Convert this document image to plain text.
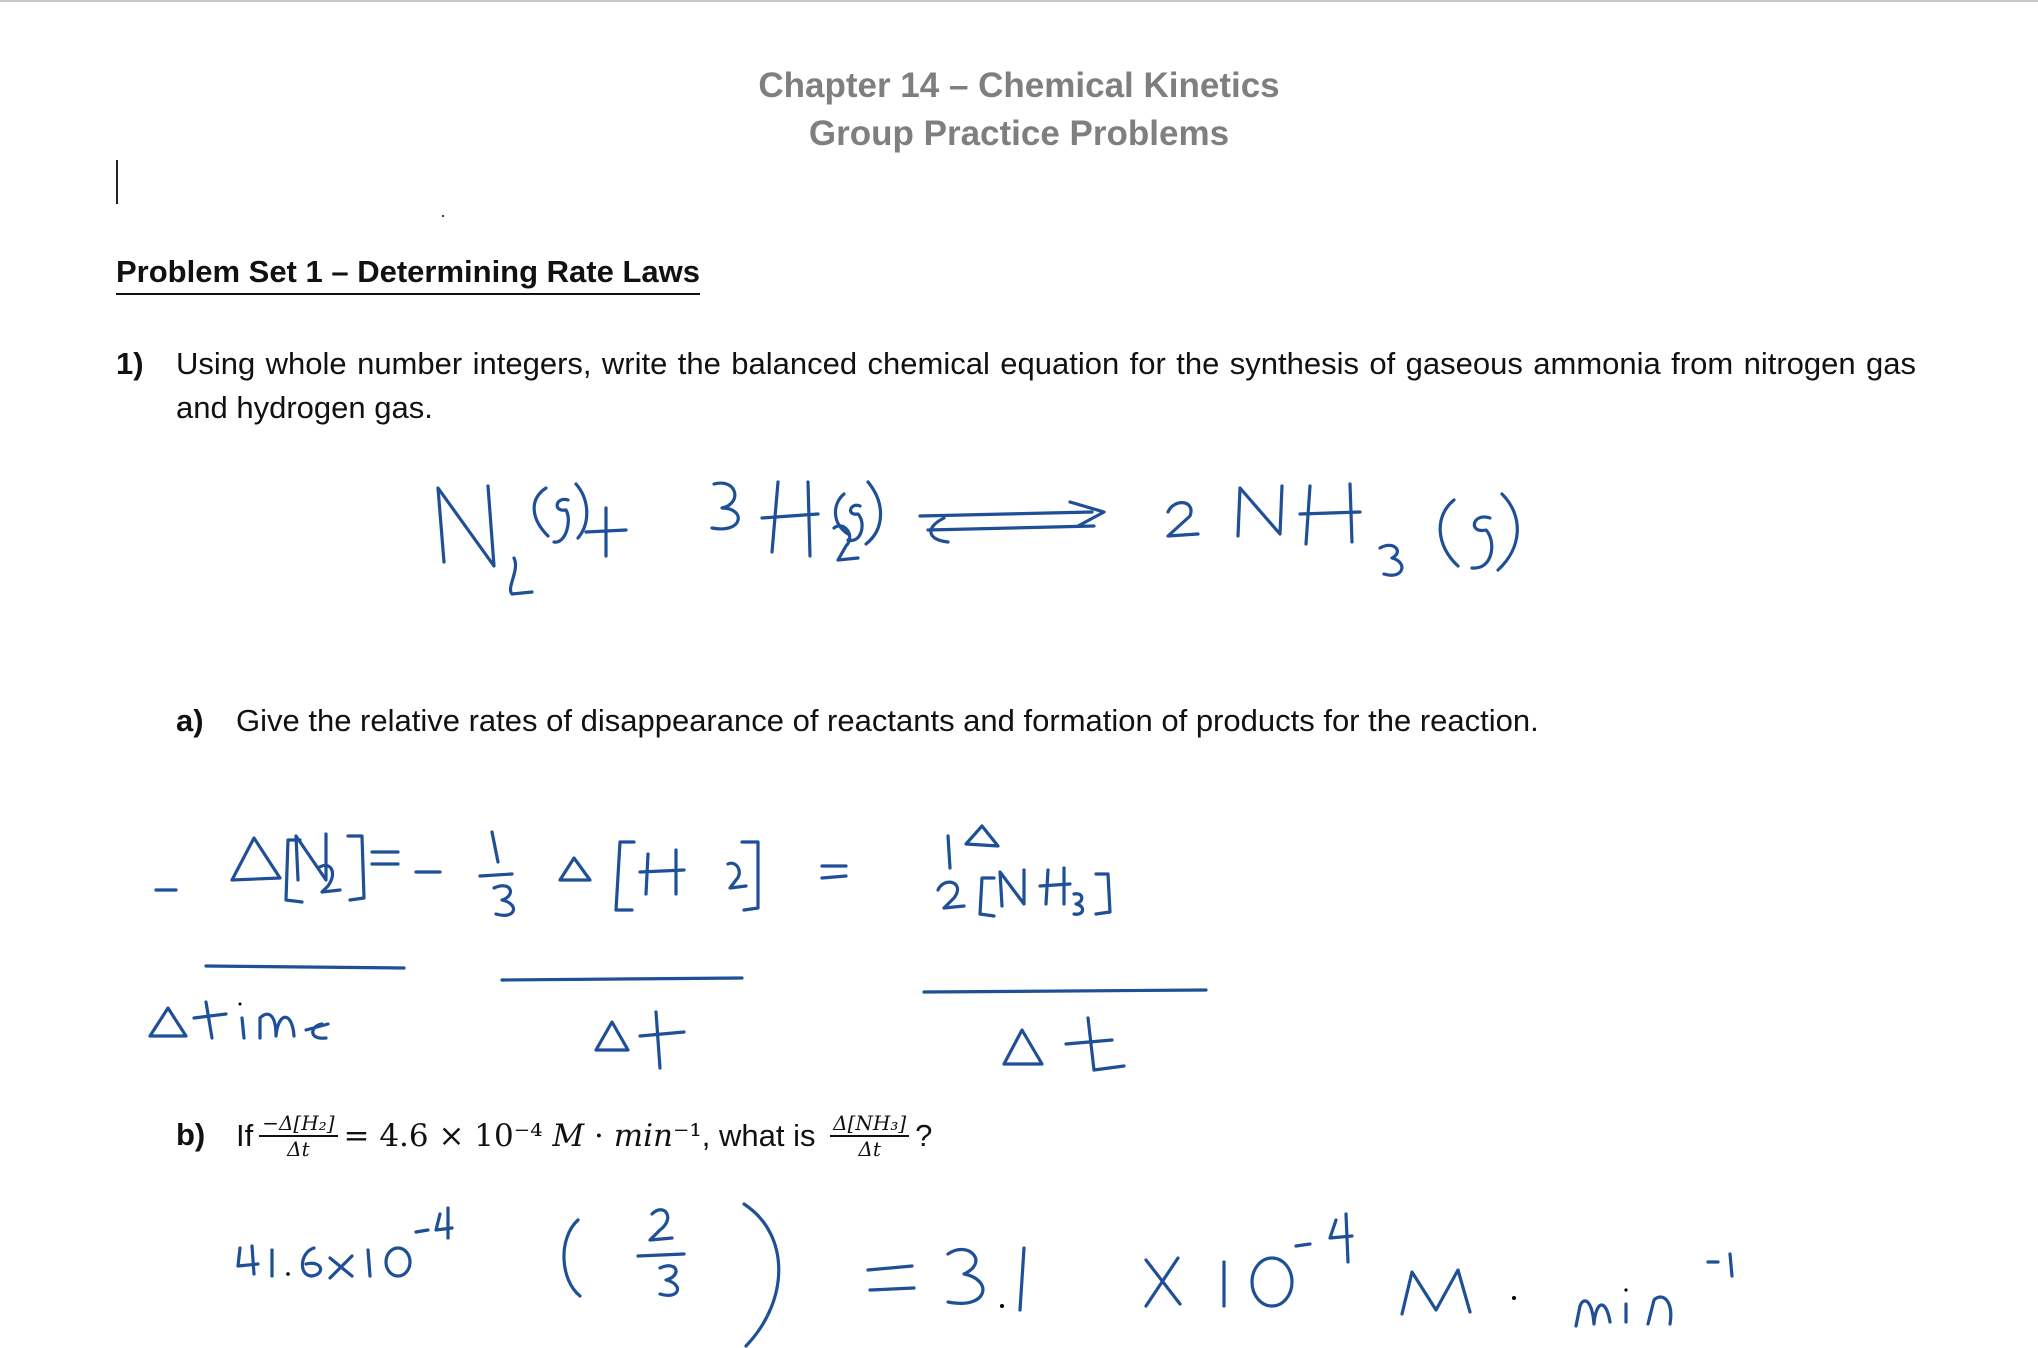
Chapter 14 – Chemical Kinetics
Group Practice Problems
Problem Set 1 – Determining Rate Laws
1) Using whole number integers, write the balanced chemical equation for the synthesis of gaseous ammonia from nitrogen gas and hydrogen gas.
a) Give the relative rates of disappearance of reactants and formation of products for the reaction.
b) If $\frac{\text{−Δ[H₂]}}{\Delta t} = 4.6 \times 10^{-4}$ M · min⁻¹ , what is $\frac{\text{Δ[NH₃]}}{\Delta t}$ ?
